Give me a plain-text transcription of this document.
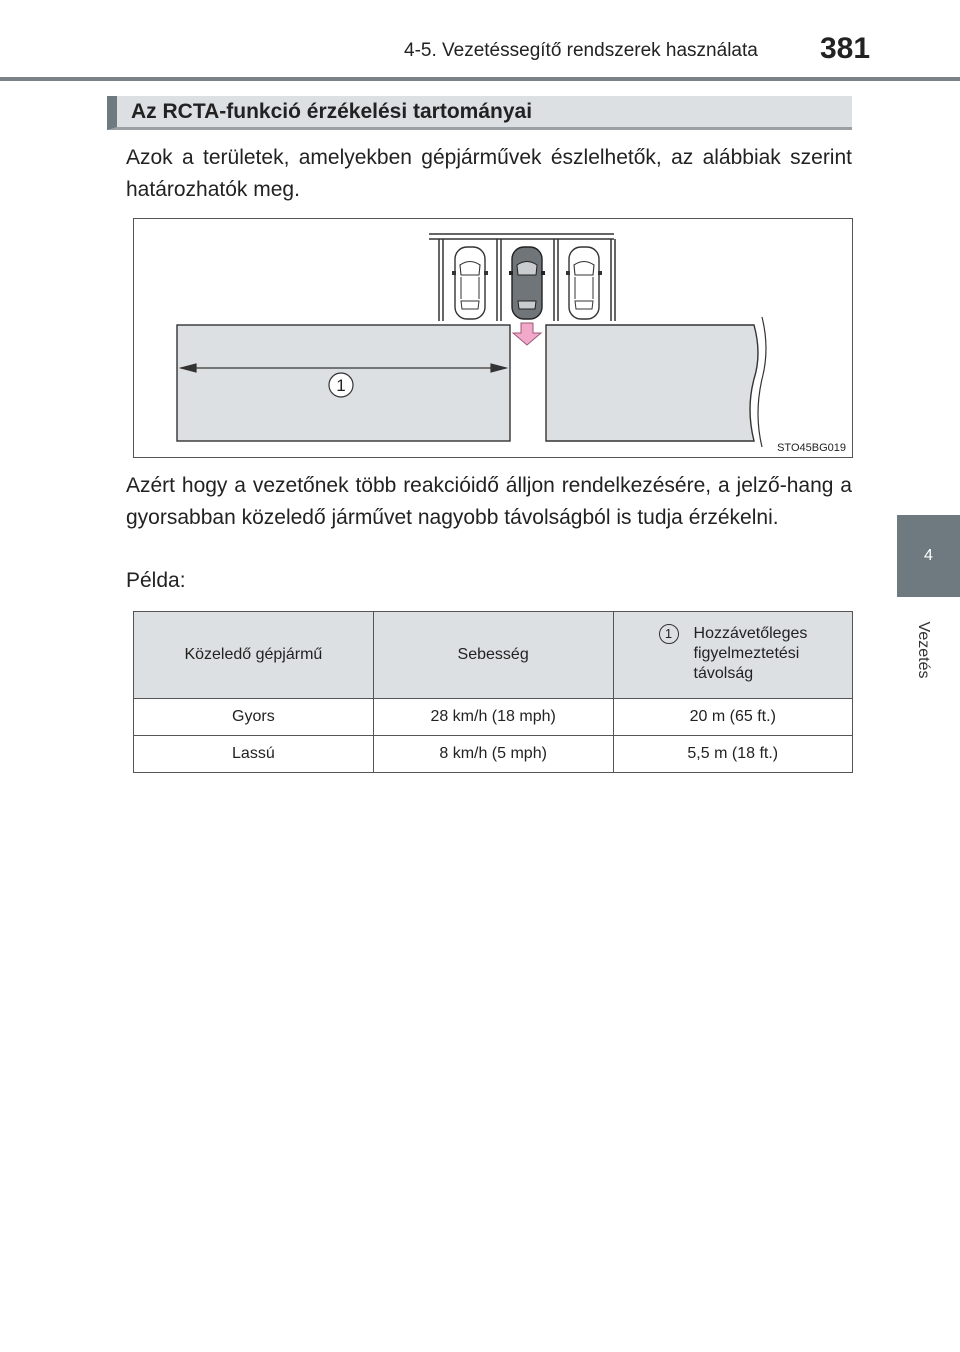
4-5. Vezetéssegítő rendszerek használata 381
4
Vezetés
Az RCTA-funkció érzékelési tartományai

Azok a területek, amelyekben gépjárművek észlelhetők, az alábbiak szerint határozhatók meg.

1
STO45BG019

Azért hogy a vezetőnek több reakcióidő álljon rendelkezésére, a jelző-hang a gyorsabban közeledő járművet nagyobb távolságból is tudja érzékelni.

Példa:

Közeledő gépjármű	Sebesség	1 Hozzávetőleges figyelmeztetési távolság

Gyors	28 km/h (18 mph)	20 m (65 ft.)
Lassú	8 km/h (5 mph)	5,5 m (18 ft.)
